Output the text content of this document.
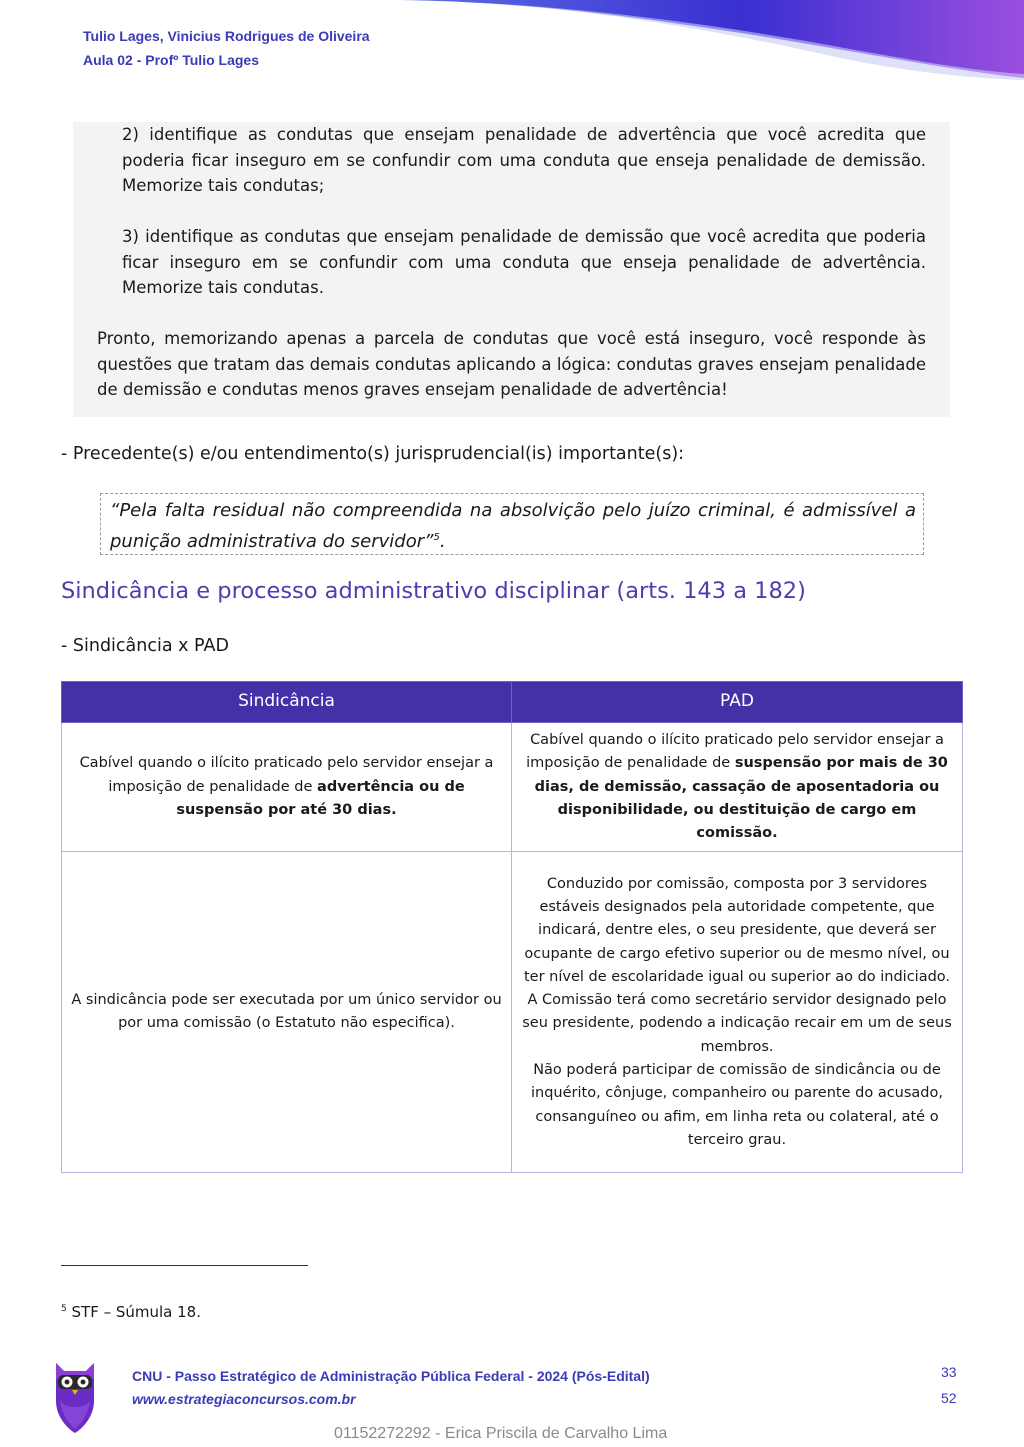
Tulio Lages, Vinicius Rodrigues de Oliveira
Aula 02 - Profº Tulio Lages
2) identifique as condutas que ensejam penalidade de advertência que você acredita que poderia ficar inseguro em se confundir com uma conduta que enseja penalidade de demissão. Memorize tais condutas;
3) identifique as condutas que ensejam penalidade de demissão que você acredita que poderia ficar inseguro em se confundir com uma conduta que enseja penalidade de advertência. Memorize tais condutas.
Pronto, memorizando apenas a parcela de condutas que você está inseguro, você responde às questões que tratam das demais condutas aplicando a lógica: condutas graves ensejam penalidade de demissão e condutas menos graves ensejam penalidade de advertência!
- Precedente(s) e/ou entendimento(s) jurisprudencial(is) importante(s):
“Pela falta residual não compreendida na absolvição pelo juízo criminal, é admissível a punição administrativa do servidor”$^5$.
Sindicância e processo administrativo disciplinar (arts. 143 a 182)
- Sindicância x PAD
Sindicância	PAD
Cabível quando o ilícito praticado pelo servidor ensejar a imposição de penalidade de advertência ou de suspensão por até 30 dias.	Cabível quando o ilícito praticado pelo servidor ensejar a imposição de penalidade de suspensão por mais de 30 dias, de demissão, cassação de aposentadoria ou disponibilidade, ou destituição de cargo em comissão.
A sindicância pode ser executada por um único servidor ou por uma comissão (o Estatuto não especifica).	Conduzido por comissão, composta por 3 servidores estáveis designados pela autoridade competente, que indicará, dentre eles, o seu presidente, que deverá ser ocupante de cargo efetivo superior ou de mesmo nível, ou ter nível de escolaridade igual ou superior ao do indiciado.
A Comissão terá como secretário servidor designado pelo seu presidente, podendo a indicação recair em um de seus membros.
Não poderá participar de comissão de sindicância ou de inquérito, cônjuge, companheiro ou parente do acusado, consanguíneo ou afim, em linha reta ou colateral, até o terceiro grau.
$^5$ STF – Súmula 18.
CNU - Passo Estratégico de Administração Pública Federal - 2024 (Pós-Edital)
www.estrategiaconcursos.com.br
33
52
01152272292 - Erica Priscila de Carvalho Lima
